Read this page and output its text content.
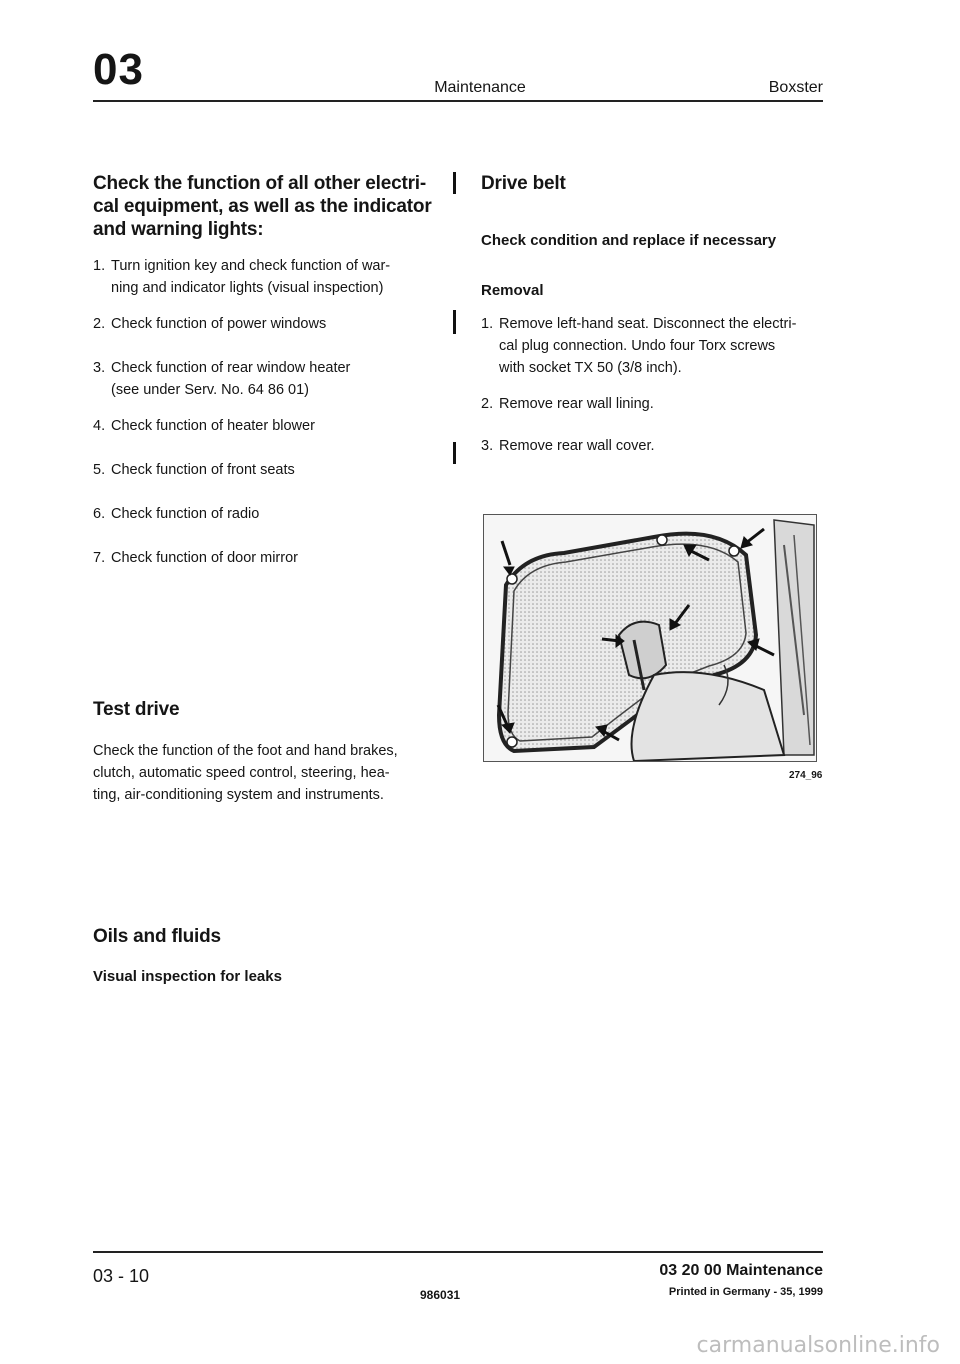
03	Maintenance	Boxster
Check the function of all other electri-
cal equipment, as well as the indicator
and warning lights:
1. Turn ignition key and check function of war-
ning and indicator lights (visual inspection)
2. Check function of power windows
3. Check function of rear window heater
(see under Serv. No. 64 86 01)
4. Check function of heater blower
5. Check function of front seats
6. Check function of radio
7. Check function of door mirror
Test drive
Check the function of the foot and hand brakes,
clutch, automatic speed control, steering, hea-
ting, air-conditioning system and instruments.
Oils and fluids
Visual inspection for leaks
Drive belt
Check condition and replace if necessary
Removal
1. Remove left-hand seat. Disconnect the electri-
cal plug connection. Undo four Torx screws
with socket TX 50 (3/8 inch).
2. Remove rear wall lining.
3. Remove rear wall cover.
274_96
03 - 10
986031
03 20 00 Maintenance
Printed in Germany - 35, 1999
carmanualsonline.info
